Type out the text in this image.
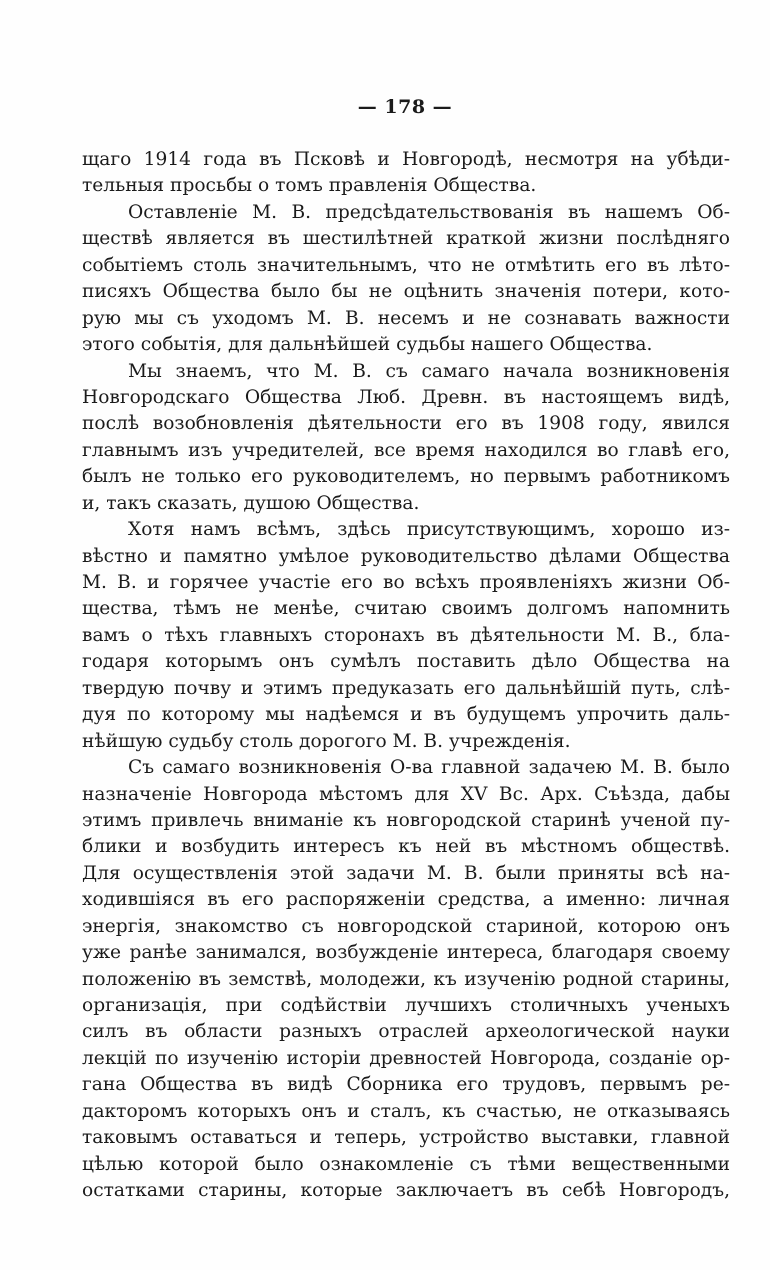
— 178 —
щаго 1914 года въ Псковѣ и Новгородѣ, несмотря на убѣди-
тельныя просьбы о томъ правленія Общества.
Оставленіе М. В. предсѣдательствованія въ нашемъ Об-
ществѣ является въ шестилѣтней краткой жизни послѣдняго
событіемъ столь значительнымъ, что не отмѣтить его въ лѣто-
писяхъ Общества было бы не оцѣнить значенія потери, кото-
рую мы съ уходомъ М. В. несемъ и не сознавать важности
этого событія, для дальнѣйшей судьбы нашего Общества.
Мы знаемъ, что М. В. съ самаго начала возникновенія
Новгородскаго Общества Люб. Древн. въ настоящемъ видѣ,
послѣ возобновленія дѣятельности его въ 1908 году, явился
главнымъ изъ учредителей, все время находился во главѣ его,
былъ не только его руководителемъ, но первымъ работникомъ
и, такъ сказать, душою Общества.
Хотя намъ всѣмъ, здѣсь присутствующимъ, хорошо из-
вѣстно и памятно умѣлое руководительство дѣлами Общества
М. В. и горячее участіе его во всѣхъ проявленіяхъ жизни Об-
щества, тѣмъ не менѣе, считаю своимъ долгомъ напомнить
вамъ о тѣхъ главныхъ сторонахъ въ дѣятельности М. В., бла-
годаря которымъ онъ сумѣлъ поставить дѣло Общества на
твердую почву и этимъ предуказать его дальнѣйшій путь, слѣ-
дуя по которому мы надѣемся и въ будущемъ упрочить даль-
нѣйшую судьбу столь дорогого М. В. учрежденія.
Съ самаго возникновенія О-ва главной задачею М. В. было
назначеніе Новгорода мѣстомъ для XV Вс. Арх. Съѣзда, дабы
этимъ привлечь вниманіе къ новгородской старинѣ ученой пу-
блики и возбудить интересъ къ ней въ мѣстномъ обществѣ.
Для осуществленія этой задачи М. В. были приняты всѣ на-
ходившіяся въ его распоряженіи средства, а именно: личная
энергія, знакомство съ новгородской стариной, которою онъ
уже ранѣе занимался, возбужденіе интереса, благодаря своему
положенію въ земствѣ, молодежи, къ изученію родной старины,
организація, при содѣйствіи лучшихъ столичныхъ ученыхъ
силъ въ области разныхъ отраслей археологической науки
лекцій по изученію исторіи древностей Новгорода, созданіе ор-
гана Общества въ видѣ Сборника его трудовъ, первымъ ре-
дакторомъ которыхъ онъ и сталъ, къ счастью, не отказываясь
таковымъ оставаться и теперь, устройство выставки, главной
цѣлью которой было ознакомленіе съ тѣми вещественными
остатками старины, которые заключаетъ въ себѣ Новгородъ,
